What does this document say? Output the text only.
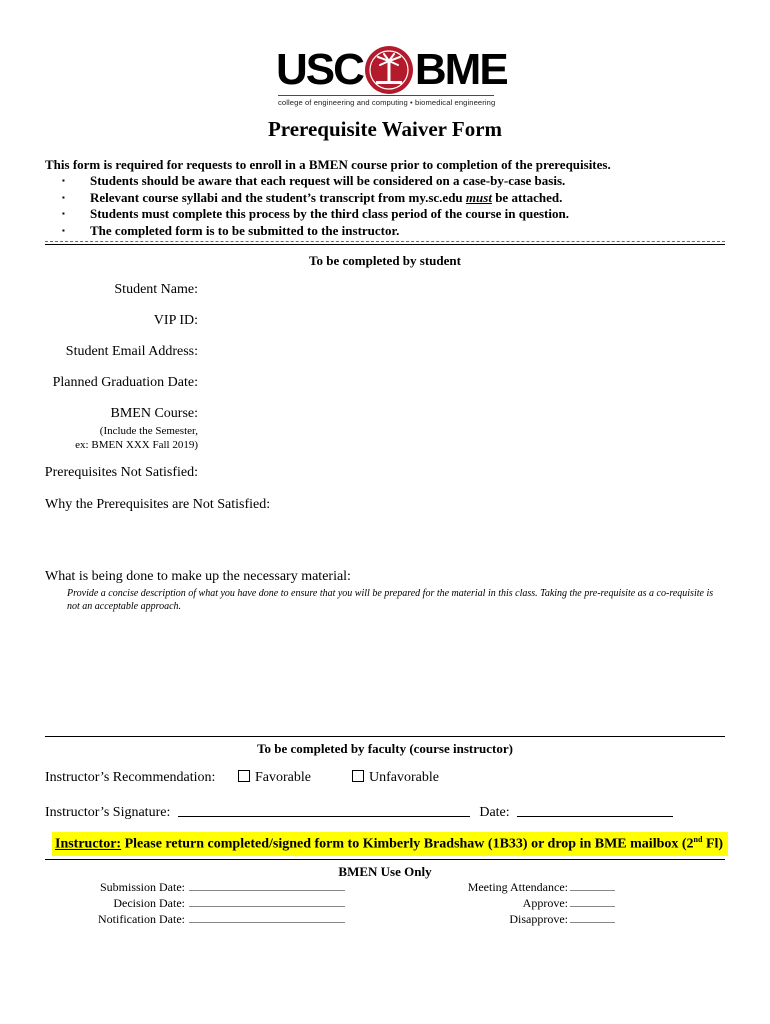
USC BME
college of engineering and computing • biomedical engineering
Prerequisite Waiver Form
This form is required for requests to enroll in a BMEN course prior to completion of the prerequisites.
▪ Students should be aware that each request will be considered on a case-by-case basis.
▪ Relevant course syllabi and the student’s transcript from my.sc.edu must be attached.
▪ Students must complete this process by the third class period of the course in question.
▪ The completed form is to be submitted to the instructor.
To be completed by student
Student Name:
VIP ID:
Student Email Address:
Planned Graduation Date:
BMEN Course:
(Include the Semester,
ex: BMEN XXX Fall 2019)
Prerequisites Not Satisfied:
Why the Prerequisites are Not Satisfied:
What is being done to make up the necessary material:
Provide a concise description of what you have done to ensure that you will be prepared for the material in this class. Taking the pre-requisite as a co-requisite is not an acceptable approach.
To be completed by faculty (course instructor)
Instructor’s Recommendation:	Favorable	Unfavorable
Instructor’s Signature:	Date:
Instructor: Please return completed/signed form to Kimberly Bradshaw (1B33) or drop in BME mailbox (2nd Fl)
BMEN Use Only
Submission Date:
Decision Date:
Notification Date:
Meeting Attendance:
Approve:
Disapprove:
